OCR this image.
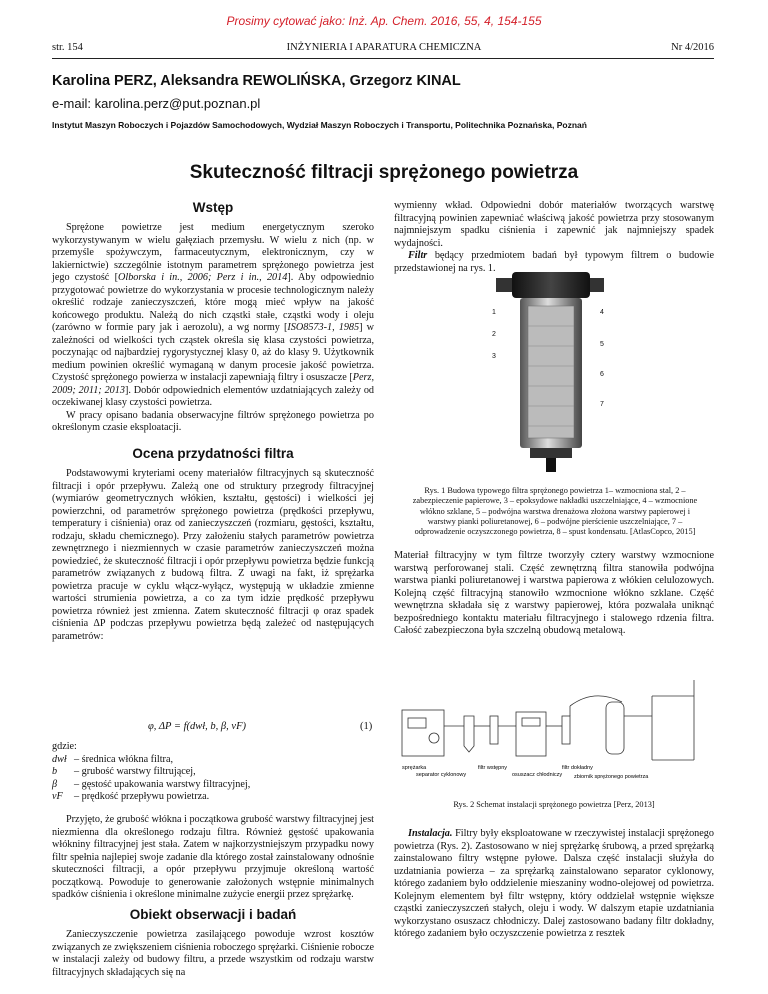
Prosimy cytować jako: Inż. Ap. Chem. 2016, 55, 4, 154-155
str. 154	INŻYNIERIA I APARATURA CHEMICZNA	Nr 4/2016
Karolina PERZ, Aleksandra REWOLIŃSKA, Grzegorz KINAL
e-mail: karolina.perz@put.poznan.pl
Instytut Maszyn Roboczych i Pojazdów Samochodowych, Wydział Maszyn Roboczych i Transportu, Politechnika Poznańska, Poznań
Skuteczność filtracji sprężonego powietrza
Wstęp

Sprężone powietrze jest medium energetycznym szeroko wykorzystywanym w wielu gałęziach przemysłu. W wielu z nich (np. w przemyśle spożywczym, farmaceutycznym, elektronicznym, czy w lakiernictwie) szczególnie istotnym parametrem sprężonego powietrza jest jego czystość [Olborska i in., 2006; Perz i in., 2014]. Aby odpowiednio przygotować powietrze do wykorzystania w procesie technologicznym należy określić rodzaje zanieczyszczeń, które mogą mieć wpływ na jakość końcowego produktu. Należą do nich cząstki stałe, cząstki wody i oleju (zarówno w formie pary jak i aerozolu), a wg normy [ISO8573-1, 1985] w zależności od wielkości tych cząstek określa się klasa czystości powietrza, poczynając od najbardziej rygorystycznej klasy 0, aż do klasy 9. Użytkownik medium powinien określić wymaganą w danym procesie jakość powietrza. Czystość sprężonego powierza w instalacji zapewniają filtry i osuszacze [Perz, 2009; 2011; 2013]. Dobór odpowiednich elementów uzdatniających zależy od oczekiwanej klasy czystości powietrza.

W pracy opisano badania obserwacyjne filtrów sprężonego powietrza po określonym czasie eksploatacji.

Ocena przydatności filtra

Podstawowymi kryteriami oceny materiałów filtracyjnych są skuteczność filtracji i opór przepływu. Zależą one od struktury przegrody filtracyjnej (wymiarów geometrycznych włókien, kształtu, gęstości) i wielkości jej powierzchni, od parametrów sprężonego powietrza (prędkości przepływu, temperatury i ciśnienia) oraz od zanieczyszczeń (rozmiaru, gęstości, kształtu, rodzaju, składu chemicznego). Przy założeniu stałych parametrów powietrza zewnętrznego i niezmiennych w czasie parametrów zanieczyszczeń można powiedzieć, że skuteczność filtracji i opór przepływu powietrza będzie funkcją parametrów związanych z budową filtra. Z uwagi na fakt, iż sprężarka powietrza pracuje w cyklu włącz-wyłącz, występują w układzie zmienne wartości strumienia powietrza, a co za tym idzie prędkość przepływu powietrza również jest zmienna. Zatem skuteczność filtracji φ oraz spadek ciśnienia ΔP podczas przepływu powietrza będą zależeć od następujących parametrów:

φ, ΔP = f(dwł, b, β, vF)	(1)
gdzie:
dwł – średnica włókna filtra,
b – grubość warstwy filtrującej,
β – gęstość upakowania warstwy filtracyjnej,
vF – prędkość przepływu powietrza.

Przyjęto, że grubość włókna i początkowa grubość warstwy filtracyjnej jest niezmienna dla określonego rodzaju filtra. Również gęstość upakowania włókniny filtracyjnej jest stała. Zatem w najkorzystniejszym przypadku nowy filtr spełnia najlepiej swoje zadanie dla którego został zainstalowany odnośnie skuteczności filtracji, a opór przepływu przyjmuje określoną wartość początkową. Powoduje to generowanie założonych wstępnie minimalnych spadków ciśnienia i określone minimalne zużycie energii przez sprężarkę.

Obiekt obserwacji i badań

Zanieczyszczenie powietrza zasilającego powoduje wzrost kosztów związanych ze zwiększeniem ciśnienia roboczego sprężarki. Ciśnienie robocze w instalacji zależy od budowy filtru, a przede wszystkim od rodzaju warstw filtracyjnych składających się na

wymienny wkład. Odpowiedni dobór materiałów tworzących warstwę filtracyjną powinien zapewniać właściwą jakość powietrza przy stosowanym najmniejszym spadku ciśnienia i zapewnić jak najmniejszy spadek wydajności.

Filtr będący przedmiotem badań był typowym filtrem o budowie przedstawionej na rys. 1.

1
2
3
4
5
6
7
8
Rys. 1 Budowa typowego filtra sprężonego powietrza 1– wzmocniona stal, 2 – zabezpieczenie papierowe, 3 – epoksydowe nakładki uszczelniające, 4 – wzmocnione włókno szklane, 5 – podwójna warstwa drenażowa złożona warstwy papierowej i warstwy pianki poliuretanowej, 6 – podwójne pierścienie uszczelniające, 7 – odprowadzenie oczyszczonego powietrza, 8 – spust kondensatu. [AtlasCopco, 2015]

Materiał filtracyjny w tym filtrze tworzyły cztery warstwy wzmocnione warstwą perforowanej stali. Część zewnętrzną filtra stanowiła podwójna warstwa pianki poliuretanowej i warstwa papierowa z włókien celulozowych. Kolejną część filtracyjną stanowiło wzmocnione włókno szklane. Część wewnętrzna składała się z warstwy papierowej, która pozwalała uniknąć bezpośredniego kontaktu materiału filtracyjnego i stalowego rdzenia filtra. Całość zabezpieczona była szczelną obudową metalową.

sprężarka
separator cyklonowy
filtr wstępny
osuszacz chłodniczy
filtr dokładny
zbiornik sprężonego powietrza
Rys. 2 Schemat instalacji sprężonego powietrza [Perz, 2013]

Instalacja. Filtry były eksploatowane w rzeczywistej instalacji sprężonego powietrza (Rys. 2). Zastosowano w niej sprężarkę śrubową, a przed sprężarką zainstalowano filtry wstępne pyłowe. Dalsza część instalacji służyła do uzdatniania powierza – za sprężarką zainstalowano separator cyklonowy, którego zadaniem było oddzielenie mieszaniny wodno-olejowej od powietrza. Kolejnym elementem był filtr wstępny, który oddzielał wstępnie większe cząstki zanieczyszczeń stałych, oleju i wody. W dalszym etapie uzdatniania wykorzystano osuszacz chłodniczy. Dalej zastosowano badany filtr dokładny, którego zadaniem było oczyszczenie powietrza z resztek
